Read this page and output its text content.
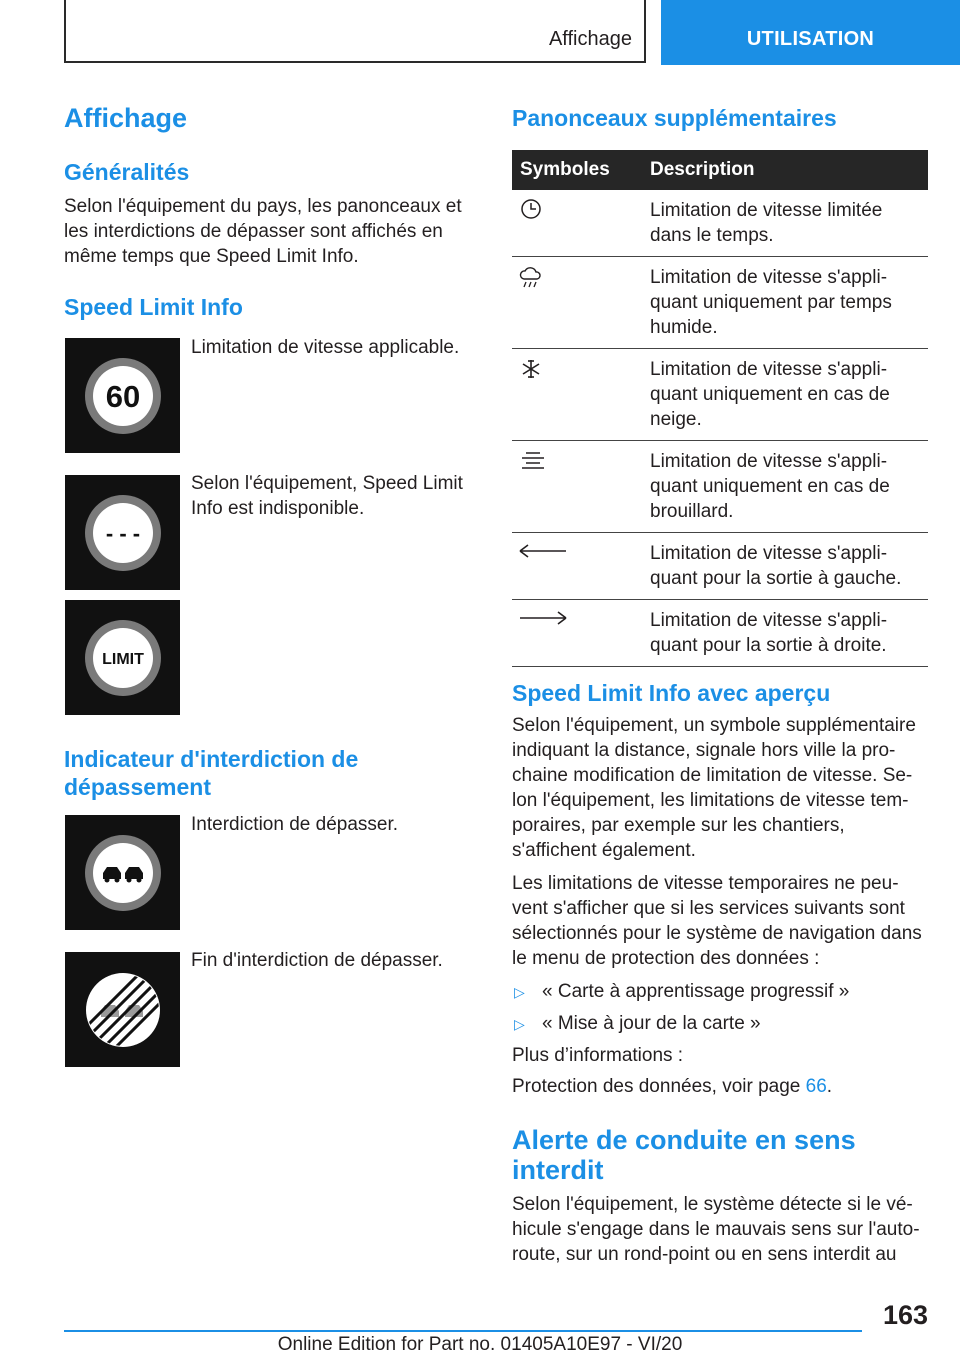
Affichage	UTILISATION
Affichage
Généralités
Selon l'équipement du pays, les panonceaux et les interdictions de dépasser sont affichés en même temps que Speed Limit Info.
Speed Limit Info
60
Limitation de vitesse applicable.
- - -
Selon l'équipement, Speed Limit Info est indisponible.
LIMIT
Indicateur d'interdiction de
dépassement
Interdiction de dépasser.
Fin d'interdiction de dépasser.
Panonceaux supplémentaires
Symboles	Description
	Limitation de vitesse limitée dans le temps.
	Limitation de vitesse s'appli-quant uniquement par temps humide.
	Limitation de vitesse s'appli-quant uniquement en cas de neige.
	Limitation de vitesse s'appli-quant uniquement en cas de brouillard.
	Limitation de vitesse s'appli-quant pour la sortie à gauche.
	Limitation de vitesse s'appli-quant pour la sortie à droite.
Speed Limit Info avec aperçu
Selon l'équipement, un symbole supplémentaire indiquant la distance, signale hors ville la pro-chaine modification de limitation de vitesse. Se-lon l'équipement, les limitations de vitesse tem-poraires, par exemple sur les chantiers, s'affichent également.
Les limitations de vitesse temporaires ne peu-vent s'afficher que si les services suivants sont sélectionnés pour le système de navigation dans le menu de protection des données :
▷ « Carte à apprentissage progressif »
▷ « Mise à jour de la carte »
Plus d’informations :
Protection des données, voir page 66.
Alerte de conduite en sens
interdit
Selon l'équipement, le système détecte si le vé-hicule s'engage dans le mauvais sens sur l'auto-route, sur un rond-point ou en sens interdit au
163
Online Edition for Part no. 01405A10E97 - VI/20
